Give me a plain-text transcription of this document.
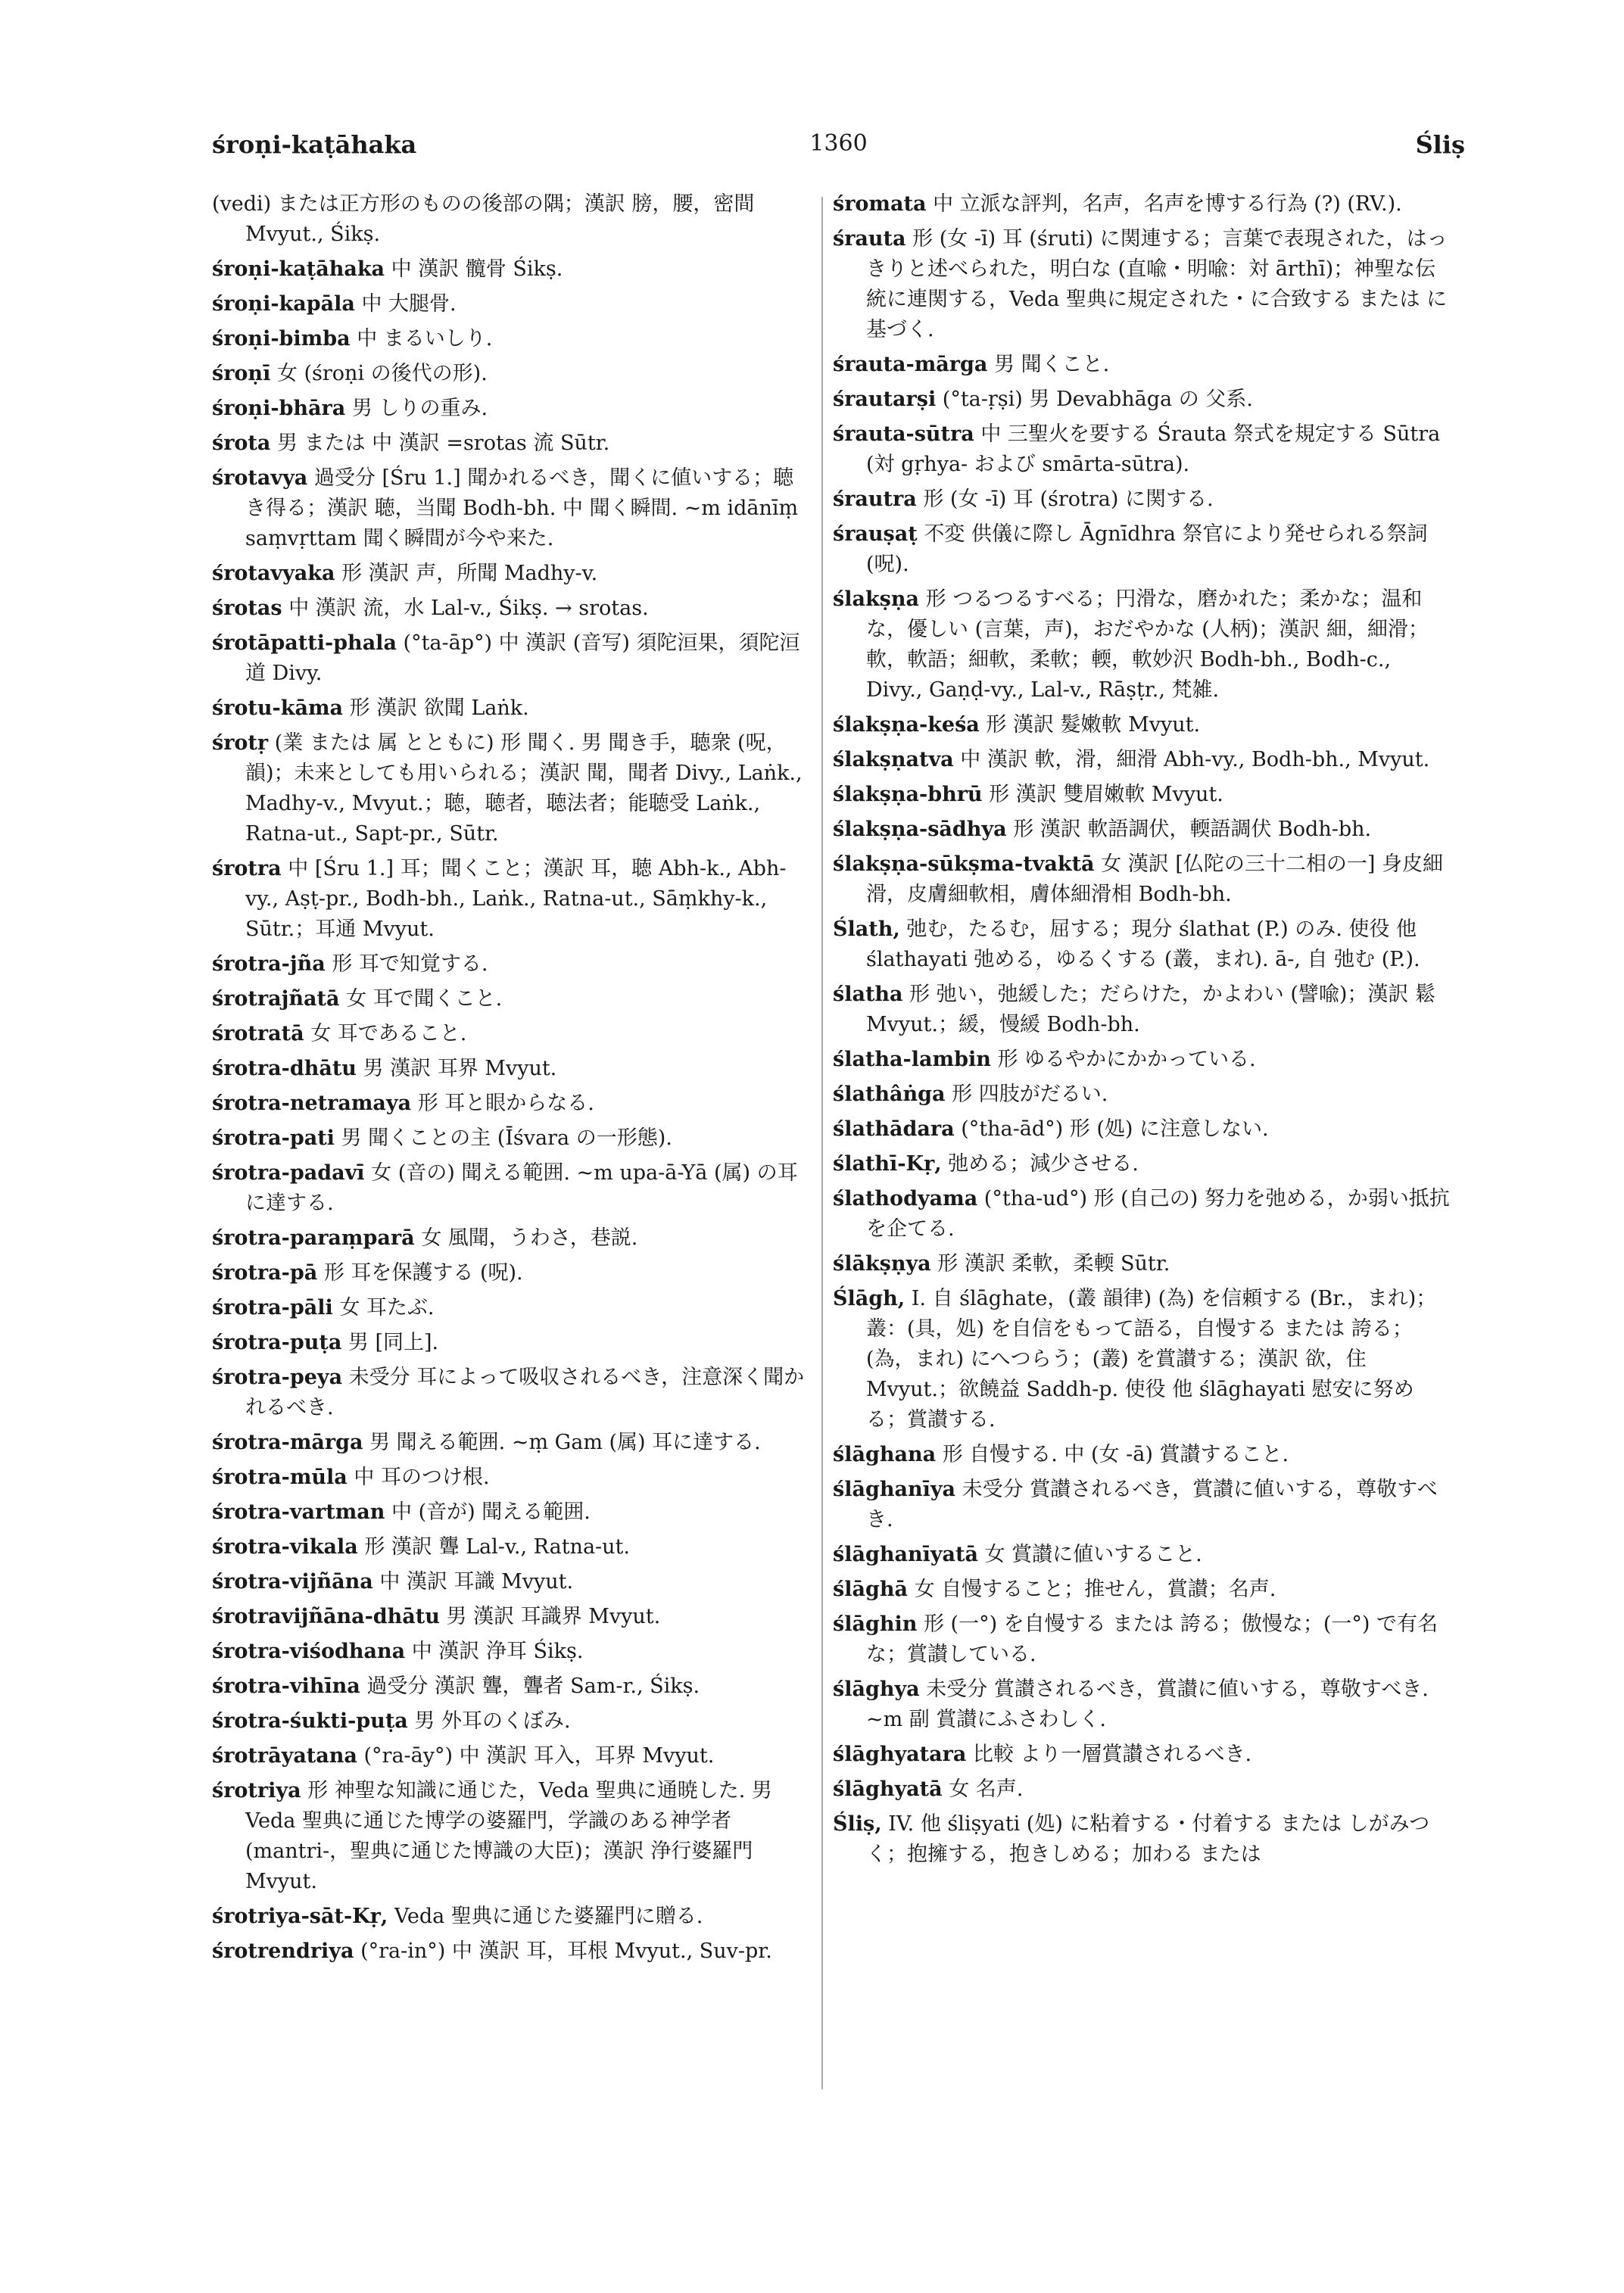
śroṇi-kaṭāhaka	1360	Śliṣ

(vedi) または正方形のものの後部の隅；漢訳 膀，腰，密間 Mvyut., Śikṣ.

śroṇi-kaṭāhaka 中 漢訳 髖骨 Śikṣ.

śroṇi-kapāla 中 大腿骨.

śroṇi-bimba 中 まるいしり.

śroṇī 女 (śroṇi の後代の形).

śroṇi-bhāra 男 しりの重み.

śrota 男 または 中 漢訳 =srotas 流 Sūtr.

śrotavya 過受分 [Śru 1.] 聞かれるべき，聞くに値いする；聴き得る；漢訳 聴，当聞 Bodh-bh. 中 聞く瞬間. ~m idānīṃ saṃvṛttam 聞く瞬間が今や来た.

śrotavyaka 形 漢訳 声，所聞 Madhy-v.

śrotas 中 漢訳 流，水 Lal-v., Śikṣ. → srotas.

śrotāpatti-phala (°ta-āp°) 中 漢訳 (音写) 須陀洹果，須陀洹道 Divy.

śrotu-kāma 形 漢訳 欲聞 Laṅk.

śrotṛ (業 または 属 とともに) 形 聞く. 男 聞き手，聴衆 (呪，韻)；未来としても用いられる；漢訳 聞，聞者 Divy., Laṅk., Madhy-v., Mvyut.；聴，聴者，聴法者；能聴受 Laṅk., Ratna-ut., Sapt-pr., Sūtr.

śrotra 中 [Śru 1.] 耳；聞くこと；漢訳 耳，聴 Abh-k., Abh-vy., Aṣṭ-pr., Bodh-bh., Laṅk., Ratna-ut., Sāṃkhy-k., Sūtr.；耳通 Mvyut.

śrotra-jña 形 耳で知覚する.

śrotrajñatā 女 耳で聞くこと.

śrotratā 女 耳であること.

śrotra-dhātu 男 漢訳 耳界 Mvyut.

śrotra-netramaya 形 耳と眼からなる.

śrotra-pati 男 聞くことの主 (Īśvara の一形態).

śrotra-padavī 女 (音の) 聞える範囲. ~m upa-ā-Yā (属) の耳に達する.

śrotra-paraṃparā 女 風聞，うわさ，巷説.

śrotra-pā 形 耳を保護する (呪).

śrotra-pāli 女 耳たぶ.

śrotra-puṭa 男 [同上].

śrotra-peya 未受分 耳によって吸収されるべき，注意深く聞かれるべき.

śrotra-mārga 男 聞える範囲. ~ṃ Gam (属) 耳に達する.

śrotra-mūla 中 耳のつけ根.

śrotra-vartman 中 (音が) 聞える範囲.

śrotra-vikala 形 漢訳 聾 Lal-v., Ratna-ut.

śrotra-vijñāna 中 漢訳 耳識 Mvyut.

śrotravijñāna-dhātu 男 漢訳 耳識界 Mvyut.

śrotra-viśodhana 中 漢訳 浄耳 Śikṣ.

śrotra-vihīna 過受分 漢訳 聾，聾者 Sam-r., Śikṣ.

śrotra-śukti-puṭa 男 外耳のくぼみ.

śrotrāyatana (°ra-āy°) 中 漢訳 耳入，耳界 Mvyut.

śrotriya 形 神聖な知識に通じた，Veda 聖典に通暁した. 男 Veda 聖典に通じた博学の婆羅門，学識のある神学者 (mantri-，聖典に通じた博識の大臣)；漢訳 浄行婆羅門 Mvyut.

śrotriya-sāt-Kṛ, Veda 聖典に通じた婆羅門に贈る.

śrotrendriya (°ra-in°) 中 漢訳 耳，耳根 Mvyut., Suv-pr.

śromata 中 立派な評判，名声，名声を博する行為 (?) (RV.).

śrauta 形 (女 -ī) 耳 (śruti) に関連する；言葉で表現された，はっきりと述べられた，明白な (直喩・明喩：対 ārthī)；神聖な伝統に連関する，Veda 聖典に規定された・に合致する または に基づく.

śrauta-mārga 男 聞くこと.

śrautarṣi (°ta-ṛṣi) 男 Devabhāga の 父系.

śrauta-sūtra 中 三聖火を要する Śrauta 祭式を規定する Sūtra (対 gṛhya- および smārta-sūtra).

śrautra 形 (女 -ī) 耳 (śrotra) に関する.

śrauṣaṭ 不変 供儀に際し Āgnīdhra 祭官により発せられる祭詞 (呪).

ślakṣṇa 形 つるつるすべる；円滑な，磨かれた；柔かな；温和な，優しい (言葉，声)，おだやかな (人柄)；漢訳 細，細滑；軟，軟語；細軟，柔軟；輭，軟妙沢 Bodh-bh., Bodh-c., Divy., Gaṇḍ-vy., Lal-v., Rāṣṭr., 梵雑.

ślakṣṇa-keśa 形 漢訳 髮嫩軟 Mvyut.

ślakṣṇatva 中 漢訳 軟，滑，細滑 Abh-vy., Bodh-bh., Mvyut.

ślakṣṇa-bhrū 形 漢訳 雙眉嫩軟 Mvyut.

ślakṣṇa-sādhya 形 漢訳 軟語調伏，輭語調伏 Bodh-bh.

ślakṣṇa-sūkṣma-tvaktā 女 漢訳 [仏陀の三十二相の一] 身皮細滑，皮膚細軟相，膚体細滑相 Bodh-bh.

Ślath, 弛む，たるむ，屈する；現分 ślathat (P.) のみ. 使役 他 ślathayati 弛める，ゆるくする (叢，まれ). ā-, 自 弛む (P.).

ślatha 形 弛い，弛緩した；だらけた，かよわい (譬喩)；漢訳 鬆 Mvyut.；緩，慢緩 Bodh-bh.

ślatha-lambin 形 ゆるやかにかかっている.

ślathâṅga 形 四肢がだるい.

ślathādara (°tha-ād°) 形 (処) に注意しない.

ślathī-Kṛ, 弛める；減少させる.

ślathodyama (°tha-ud°) 形 (自己の) 努力を弛める，か弱い抵抗を企てる.

ślākṣṇya 形 漢訳 柔軟，柔輭 Sūtr.

Ślāgh, I. 自 ślāghate，(叢 韻律) (為) を信頼する (Br.，まれ)；叢：(具，処) を自信をもって語る，自慢する または 誇る；(為，まれ) にへつらう；(叢) を賞讃する；漢訳 欲，住 Mvyut.；欲饒益 Saddh-p. 使役 他 ślāghayati 慰安に努める；賞讃する.

ślāghana 形 自慢する. 中 (女 -ā) 賞讃すること.

ślāghanīya 未受分 賞讃されるべき，賞讃に値いする，尊敬すべき.

ślāghanīyatā 女 賞讃に値いすること.

ślāghā 女 自慢すること；推せん，賞讃；名声.

ślāghin 形 (一°) を自慢する または 誇る；傲慢な；(一°) で有名な；賞讃している.

ślāghya 未受分 賞讃されるべき，賞讃に値いする，尊敬すべき. ~m 副 賞讃にふさわしく.

ślāghyatara 比較 より一層賞讃されるべき.

ślāghyatā 女 名声.

Śliṣ, IV. 他 śliṣyati (処) に粘着する・付着する または しがみつく；抱擁する，抱きしめる；加わる または
